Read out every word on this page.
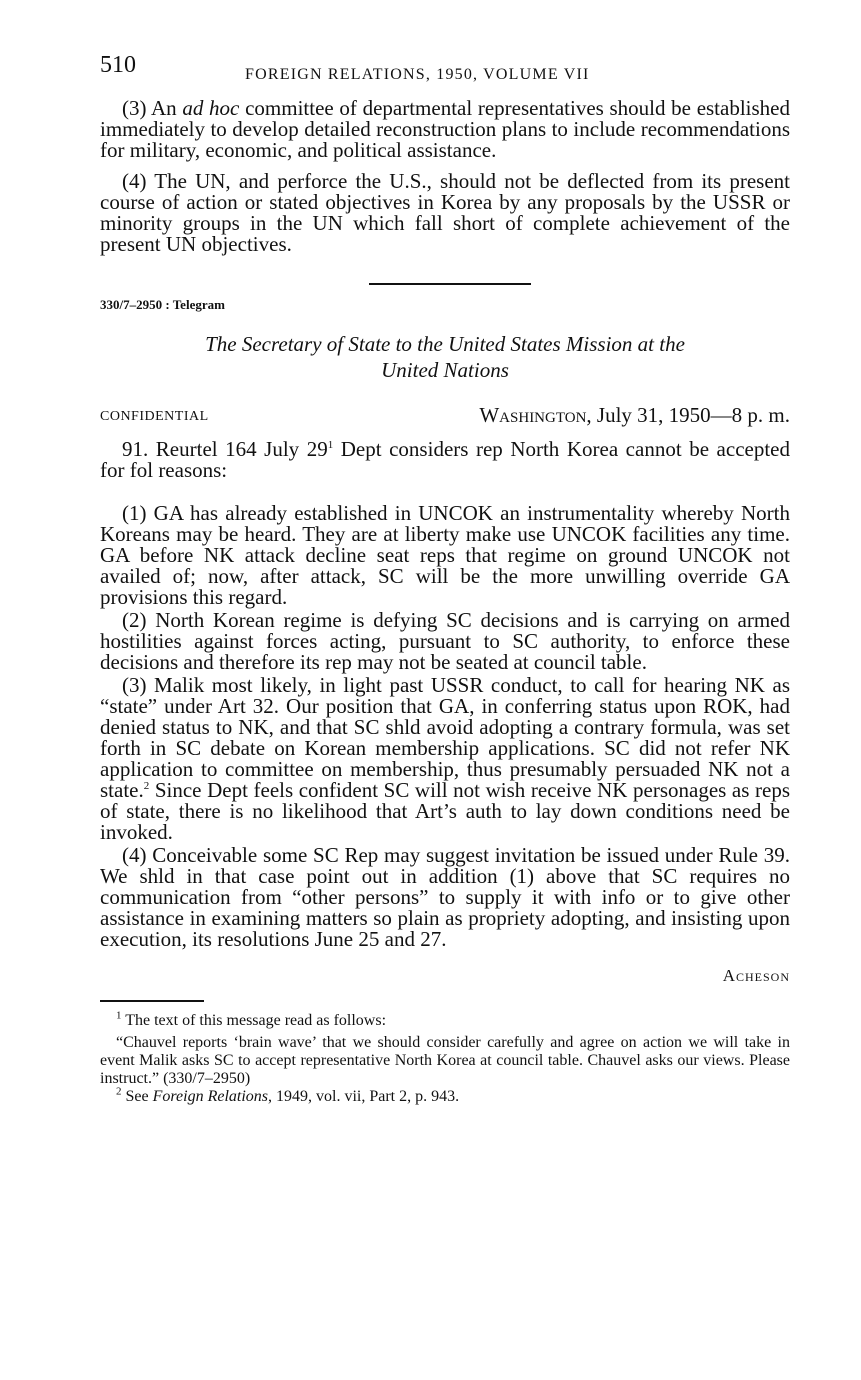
510	FOREIGN RELATIONS, 1950, VOLUME VII

(3) An ad hoc committee of departmental representatives should be established immediately to develop detailed reconstruction plans to include recommendations for military, economic, and political assistance.

(4) The UN, and perforce the U.S., should not be deflected from its present course of action or stated objectives in Korea by any proposals by the USSR or minority groups in the UN which fall short of complete achievement of the present UN objectives.

330/7–2950 : Telegram
The Secretary of State to the United States Mission at the
United Nations
CONFIDENTIAL	Washington, July 31, 1950—8 p. m.

91. Reurtel 164 July $29^1$ Dept considers rep North Korea cannot be accepted for fol reasons:

(1) GA has already established in UNCOK an instrumentality whereby North Koreans may be heard. They are at liberty make use UNCOK facilities any time. GA before NK attack decline seat reps that regime on ground UNCOK not availed of; now, after attack, SC will be the more unwilling override GA provisions this regard.

(2) North Korean regime is defying SC decisions and is carrying on armed hostilities against forces acting, pursuant to SC authority, to enforce these decisions and therefore its rep may not be seated at council table.

(3) Malik most likely, in light past USSR conduct, to call for hearing NK as “state” under Art 32. Our position that GA, in conferring status upon ROK, had denied status to NK, and that SC shld avoid adopting a contrary formula, was set forth in SC debate on Korean membership applications. SC did not refer NK application to committee on membership, thus presumably persuaded NK not a state.$^2$ Since Dept feels confident SC will not wish receive NK personages as reps of state, there is no likelihood that Art’s auth to lay down conditions need be invoked.

(4) Conceivable some SC Rep may suggest invitation be issued under Rule 39. We shld in that case point out in addition (1) above that SC requires no communication from “other persons” to supply it with info or to give other assistance in examining matters so plain as propriety adopting, and insisting upon execution, its resolutions June 25 and 27.

Acheson
$^1$ The text of this message read as follows:
“Chauvel reports ‘brain wave’ that we should consider carefully and agree on action we will take in event Malik asks SC to accept representative North Korea at council table. Chauvel asks our views. Please instruct.” (330/7–2950)
$^2$ See Foreign Relations, 1949, vol. vii, Part 2, p. 943.
